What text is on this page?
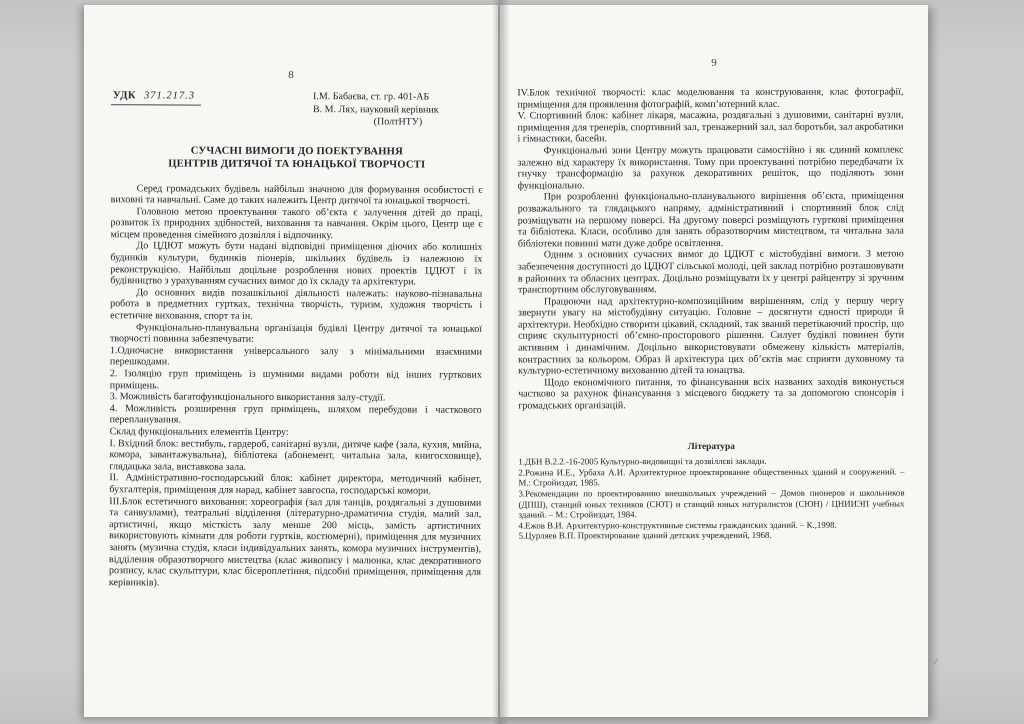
8
УДК 371.217.3	І.М. Бабаєва, ст. гр. 401-АБ
В. М. Лях, науковий керівник
(ПолтНТУ)
СУЧАСНІ ВИМОГИ ДО ПОЕКТУВАННЯ
ЦЕНТРІВ ДИТЯЧОЇ ТА ЮНАЦЬКОЇ ТВОРЧОСТІ

Серед громадських будівель найбільш значною для формування особистості є виховні та навчальні. Саме до таких належить Центр дитячої та юнацької творчості.

Головною метою проектування такого об’єкта є залучення дітей до праці, розвиток їх природних здібностей, виховання та навчання. Окрім цього, Центр ще є місцем проведення сімейного дозвілля і відпочинку.

До ЦДЮТ можуть бути надані відповідні приміщення діючих або колишніх будинків культури, будинків піонерів, шкільних будівель із належною їх реконструкцією. Найбільш доцільне розроблення нових проектів ЦДЮТ і їх будівництво з урахуванням сучасних вимог до їх складу та архітектури.

До основних видів позашкільної діяльності належать: науково-пізнавальна робота в предметних гуртках, технічна творчість, туризм, художня творчість і естетичне виховання, спорт та ін.

Функціонально-планувальна організація будівлі Центру дитячої та юнацької творчості повинна забезпечувати:

1.Одночасне використання універсального залу з мінімальними взаємними перешкодами.

2. Ізоляцію груп приміщень із шумними видами роботи від інших гурткових приміщень.

3. Можливість багатофункціонального використання залу-студії.

4. Можливість розширення груп приміщень, шляхом перебудови і часткового перепланування.

Склад функціональних елементів Центру:

І. Вхідний блок: вестибуль, гардероб, санітарні вузли, дитяче кафе (зала, кухня, мийна, комора, завантажувальна), бібліотека (абонемент, читальна зала, книгосховище), глядацька зала, виставкова зала.

ІІ. Адміністративно-господарський блок: кабінет директора, методичний кабінет, бухгалтерія, приміщення для нарад, кабінет завгоспа, господарські комори.

ІІІ.Блок естетичного виховання: хореографія (зал для танців, роздягальні з душовими та санвузлами), театральні відділення (літературно-драматична студія, малий зал, артистичні, якщо місткість залу менше 200 місць, замість артистичних використовують кімнати для роботи гуртків, костюмерні), приміщення для музичних занять (музична студія, класи індивідуальних занять, комора музичних інструментів), відділення образотворчого мистецтва (клас живопису і малюнка, клас декоративного розпису, клас скульптури, клас бісероплетіння, підсобні приміщення, приміщення для керівників).

9

IV.Блок технічної творчості: клас моделювання та конструювання, клас фотографії, приміщення для проявлення фотографій, комп’ютерний клас.

V. Спортивний блок: кабінет лікаря, масажна, роздягальні з душовими, санітарні вузли, приміщення для тренерів, спортивний зал, тренажерний зал, зал боротьби, зал акробатики і гімнастики, басейн.

Функціональні зони Центру можуть працювати самостійно і як єдиний комплекс залежно від характеру їх використання. Тому при проектуванні потрібно передбачати їх гнучку трансформацію за рахунок декоративних решіток, що поділяють зони функціонально.

При розробленні функціонально-планувального вирішення об’єкта, приміщення розважального та глядацького напряму, адміністративний і спортивний блок слід розміщувати на першому поверсі. На другому поверсі розміщують гурткові приміщення та бібліотека. Класи, особливо для занять образотворчим мистецтвом, та читальна зала бібліотеки повинні мати дуже добре освітлення.

Одним з основних сучасних вимог до ЦДЮТ є містобудівні вимоги. З метою забезпечення доступності до ЦДЮТ сільської молоді, цей заклад потрібно розташовувати в районних та обласних центрах. Доцільно розміщувати їх у центрі райцентру зі зручним транспортним обслуговуванням.

Працюючи над архітектурно-композиційним вирішенням, слід у першу чергу звернути увагу на містобудівну ситуацію. Головне – досягнути єдності природи й архітектури. Необхідно створити цікавий, складний, так званий перетікаючий простір, що сприяє скульптурності об’ємно-просторового рішення. Силует будівлі повинен бути активним і динамічним. Доцільно використовувати обмежену кількість матеріалів, контрастних за кольором. Образ й архітектура цих об’єктів має сприяти духовному та культурно-естетичному вихованню дітей та юнацтва.

Щодо економічного питання, то фінансування всіх названих заходів виконується частково за рахунок фінансування з місцевого бюджету та за допомогою спонсорів і громадських організацій.

Література

1.ДБН В.2.2.-16-2005 Культурно-видовищні та дозвіллєві заклади.

2.Рожина И.Е., Урбаха А.И. Архитектурное проектирование общественных зданий и сооружений. – М.: Стройиздат, 1985.

3.Рекомендации по проектированию внешкольных учреждений – Домов пионеров и школьников (ДПШ), станций юных техников (СЮТ) и станций юных натуралистов (СЮН) / ЦНИИЭП учебных зданий. – М.: Стройиздат, 1984.

4.Ежов В.И. Архитектурно-конструктивные системы гражданских зданий. – К.,1998.

5.Цурляев В.П. Проектирование зданий детских учреждений, 1968.

/
